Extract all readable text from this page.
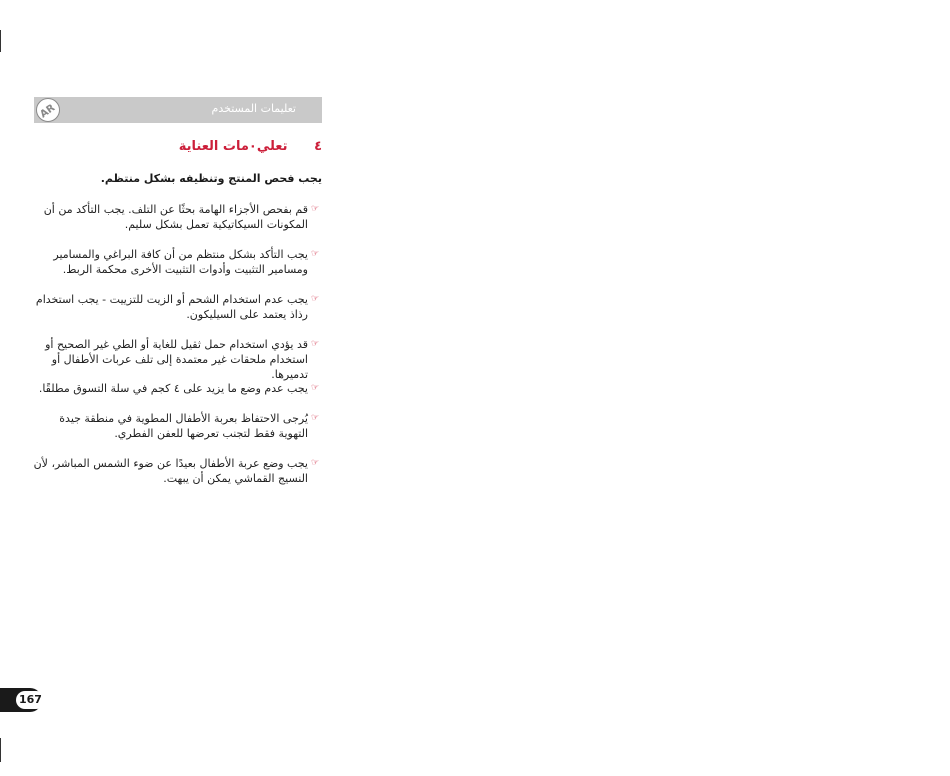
AR	تعليمات المستخدم
٤ تعلي٠مات العناية
يجب فحص المنتج وتنظيفه بشكل منتظم.
☞
قم بفحص الأجزاء الهامة بحثًا عن التلف. يجب التأكد من أن المكونات السيكاتيكية تعمل بشكل سليم.
☞
يجب التأكد بشكل منتظم من أن كافة البراغي والمسامير ومسامير التثبيت وأدوات التثبيت الأخرى محكمة الربط.
☞
يجب عدم استخدام الشحم أو الزيت للتزييت - يجب استخدام رذاذ يعتمد على السيليكون.
☞
قد يؤدي استخدام حمل ثقيل للغاية أو الطي غير الصحيح أو استخدام ملحقات غير معتمدة إلى تلف عربات الأطفال أو تدميرها.
☞
يجب عدم وضع ما يزيد على ٤ كجم في سلة التسوق مطلقًا.
☞
يُرجى الاحتفاظ بعربة الأطفال المطوية في منطقة جيدة التهوية فقط لتجنب تعرضها للعفن الفطري.
☞
يجب وضع عربة الأطفال بعيدًا عن ضوء الشمس المباشر، لأن النسيج القماشي يمكن أن يبهت.
167
